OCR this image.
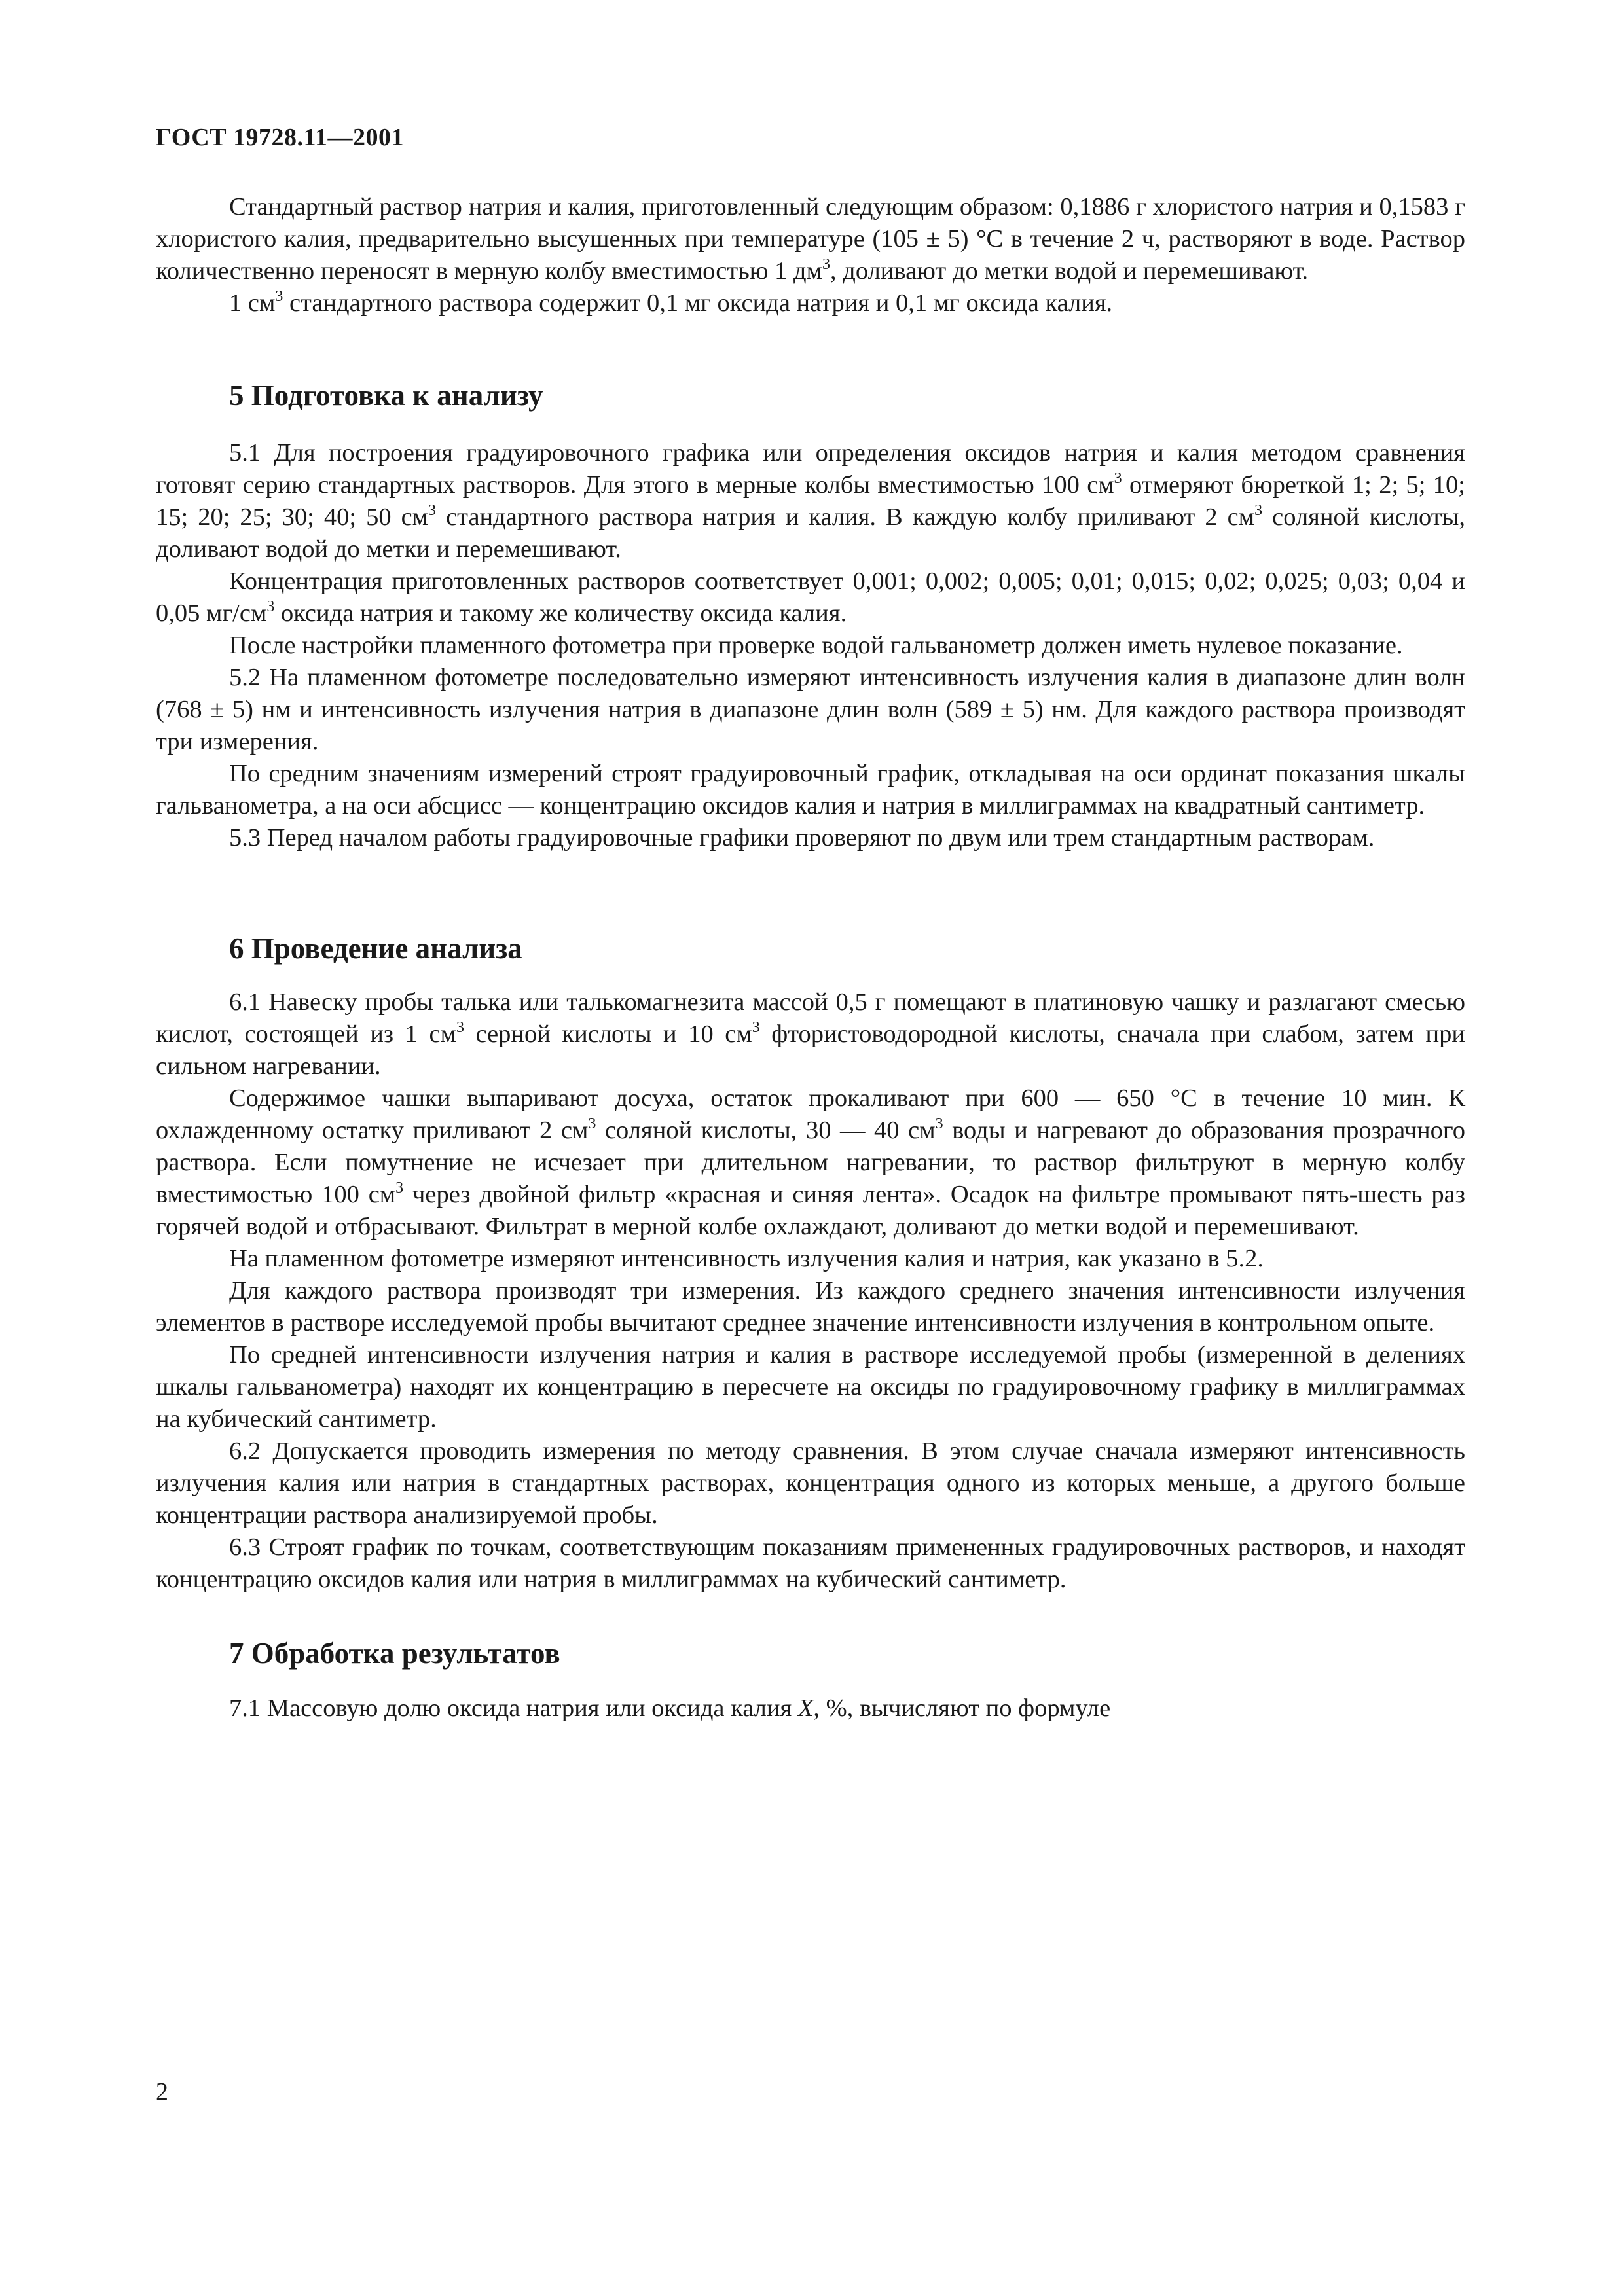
ГОСТ 19728.11—2001

Стандартный раствор натрия и калия, приготовленный следующим образом: 0,1886 г хлористого натрия и 0,1583 г хлористого калия, предварительно высушенных при температуре (105 ± 5) °С в течение 2 ч, растворяют в воде. Раствор количественно переносят в мерную колбу вместимостью 1 $дм^3$, доливают до метки водой и перемешивают.

1 $см^3$ стандартного раствора содержит 0,1 мг оксида натрия и 0,1 мг оксида калия.

5 Подготовка к анализу

5.1 Для построения градуировочного графика или определения оксидов натрия и калия методом сравнения готовят серию стандартных растворов. Для этого в мерные колбы вместимостью 100 $см^3$ отмеряют бюреткой 1; 2; 5; 10; 15; 20; 25; 30; 40; 50 $см^3$ стандартного раствора натрия и калия. В каждую колбу приливают 2 $см^3$ соляной кислоты, доливают водой до метки и перемешивают.

Концентрация приготовленных растворов соответствует 0,001; 0,002; 0,005; 0,01; 0,015; 0,02; 0,025; 0,03; 0,04 и 0,05 $мг/см^3$ оксида натрия и такому же количеству оксида калия.

После настройки пламенного фотометра при проверке водой гальванометр должен иметь нулевое показание.

5.2 На пламенном фотометре последовательно измеряют интенсивность излучения калия в диапазоне длин волн (768 ± 5) нм и интенсивность излучения натрия в диапазоне длин волн (589 ± 5) нм. Для каждого раствора производят три измерения.

По средним значениям измерений строят градуировочный график, откладывая на оси ординат показания шкалы гальванометра, а на оси абсцисс — концентрацию оксидов калия и натрия в миллиграммах на квадратный сантиметр.

5.3 Перед началом работы градуировочные графики проверяют по двум или трем стандартным растворам.

6 Проведение анализа

6.1 Навеску пробы талька или талькомагнезита массой 0,5 г помещают в платиновую чашку и разлагают смесью кислот, состоящей из 1 $см^3$ серной кислоты и 10 $см^3$ фтористоводородной кислоты, сначала при слабом, затем при сильном нагревании.

Содержимое чашки выпаривают досуха, остаток прокаливают при 600 — 650 °С в течение 10 мин. К охлажденному остатку приливают 2 $см^3$ соляной кислоты, 30 — 40 $см^3$ воды и нагревают до образования прозрачного раствора. Если помутнение не исчезает при длительном нагревании, то раствор фильтруют в мерную колбу вместимостью 100 $см^3$ через двойной фильтр «красная и синяя лента». Осадок на фильтре промывают пять-шесть раз горячей водой и отбрасывают. Фильтрат в мерной колбе охлаждают, доливают до метки водой и перемешивают.

На пламенном фотометре измеряют интенсивность излучения калия и натрия, как указано в 5.2.

Для каждого раствора производят три измерения. Из каждого среднего значения интенсивности излучения элементов в растворе исследуемой пробы вычитают среднее значение интенсивности излучения в контрольном опыте.

По средней интенсивности излучения натрия и калия в растворе исследуемой пробы (измеренной в делениях шкалы гальванометра) находят их концентрацию в пересчете на оксиды по градуировочному графику в миллиграммах на кубический сантиметр.

6.2 Допускается проводить измерения по методу сравнения. В этом случае сначала измеряют интенсивность излучения калия или натрия в стандартных растворах, концентрация одного из которых меньше, а другого больше концентрации раствора анализируемой пробы.

6.3 Строят график по точкам, соответствующим показаниям примененных градуировочных растворов, и находят концентрацию оксидов калия или натрия в миллиграммах на кубический сантиметр.

7 Обработка результатов

7.1 Массовую долю оксида натрия или оксида калия X, %, вычисляют по формуле

2
